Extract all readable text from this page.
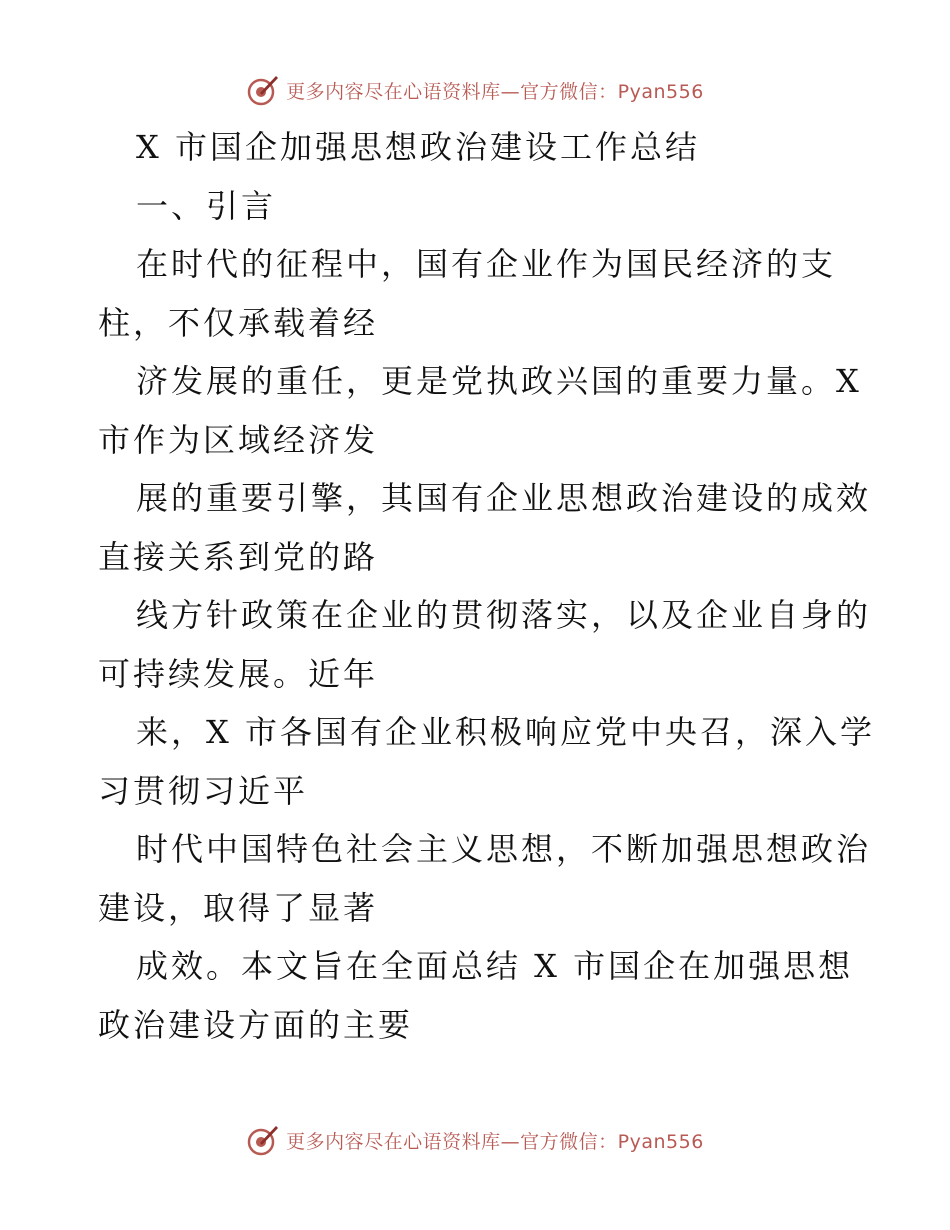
更多内容尽在心语资料库—官方微信：Pyan556
X 市国企加强思想政治建设工作总结
一、引言
在时代的征程中，国有企业作为国民经济的支
柱，不仅承载着经
济发展的重任，更是党执政兴国的重要力量。X
市作为区域经济发
展的重要引擎，其国有企业思想政治建设的成效
直接关系到党的路
线方针政策在企业的贯彻落实，以及企业自身的
可持续发展。近年
来，X 市各国有企业积极响应党中央召，深入学
习贯彻习近平
时代中国特色社会主义思想，不断加强思想政治
建设，取得了显著
成效。本文旨在全面总结 X 市国企在加强思想
政治建设方面的主要
更多内容尽在心语资料库—官方微信：Pyan556
